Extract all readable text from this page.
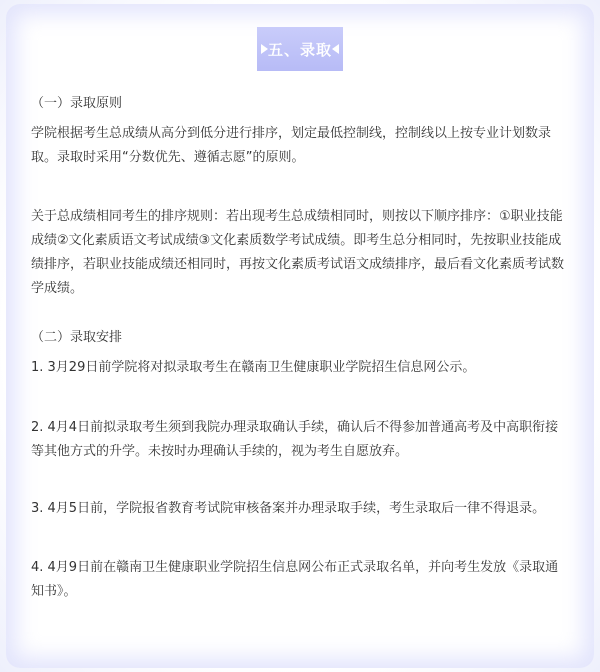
五、录取
（一）录取原则

学院根据考生总成绩从高分到低分进行排序，划定最低控制线，控制线以上按专业计划数录取。录取时采用“分数优先、遵循志愿”的原则。

关于总成绩相同考生的排序规则：若出现考生总成绩相同时，则按以下顺序排序：①职业技能成绩②文化素质语文考试成绩③文化素质数学考试成绩。即考生总分相同时，先按职业技能成绩排序，若职业技能成绩还相同时，再按文化素质考试语文成绩排序，最后看文化素质考试数学成绩。

（二）录取安排

1. 3月29日前学院将对拟录取考生在赣南卫生健康职业学院招生信息网公示。

2. 4月4日前拟录取考生须到我院办理录取确认手续，确认后不得参加普通高考及中高职衔接等其他方式的升学。未按时办理确认手续的，视为考生自愿放弃。

3. 4月5日前，学院报省教育考试院审核备案并办理录取手续，考生录取后一律不得退录。

4. 4月9日前在赣南卫生健康职业学院招生信息网公布正式录取名单，并向考生发放《录取通知书》。
